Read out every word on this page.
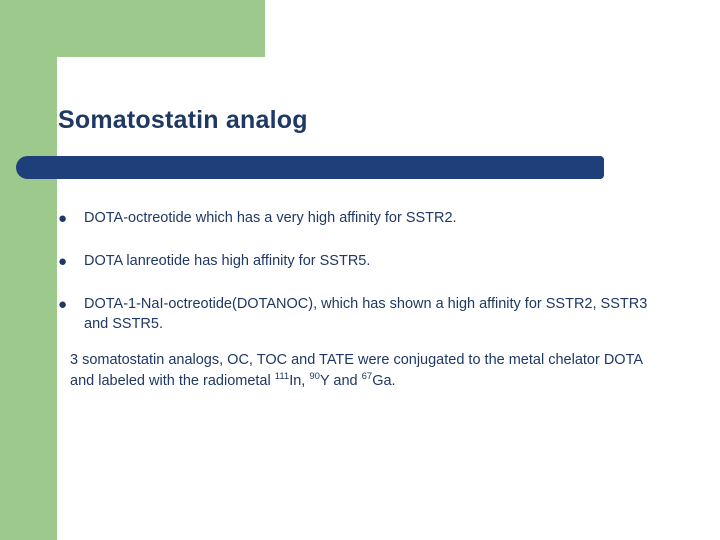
Somatostatin analog
●	DOTA-octreotide which has a very high affinity for SSTR2.
●	DOTA lanreotide has high affinity for SSTR5.
●	DOTA-1-NaI-octreotide(DOTANOC), which has shown a high affinity for SSTR2, SSTR3 and SSTR5.
3 somatostatin analogs, OC, TOC and TATE were conjugated to the metal chelator DOTA and labeled with the radiometal $^{111}$In, $^{90}$Y and $^{67}$Ga.
